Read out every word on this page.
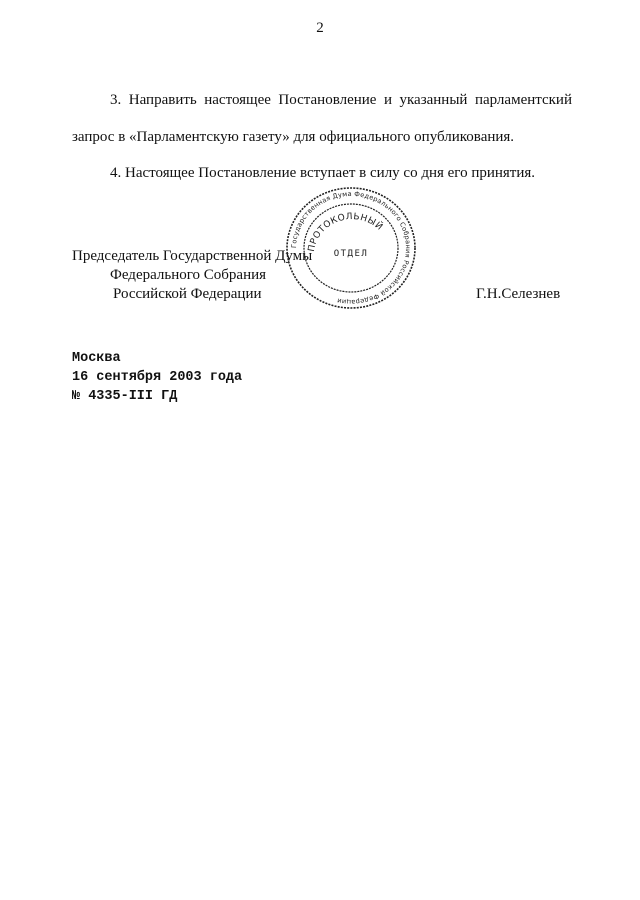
2
3. Направить настоящее Постановление и указанный парламентский
запрос в «Парламентскую газету» для официального опубликования.
4. Настоящее Постановление вступает в силу со дня его принятия.
Председатель Государственной Думы
Федерального Собрания
Российской Федерации	Г.Н.Селезнев
Государственная Дума Федерального Собрания Российской Федерации
ПРОТОКОЛЬНЫЙ
ОТДЕЛ
Москва
16 сентября 2003 года
№ 4335-III ГД
